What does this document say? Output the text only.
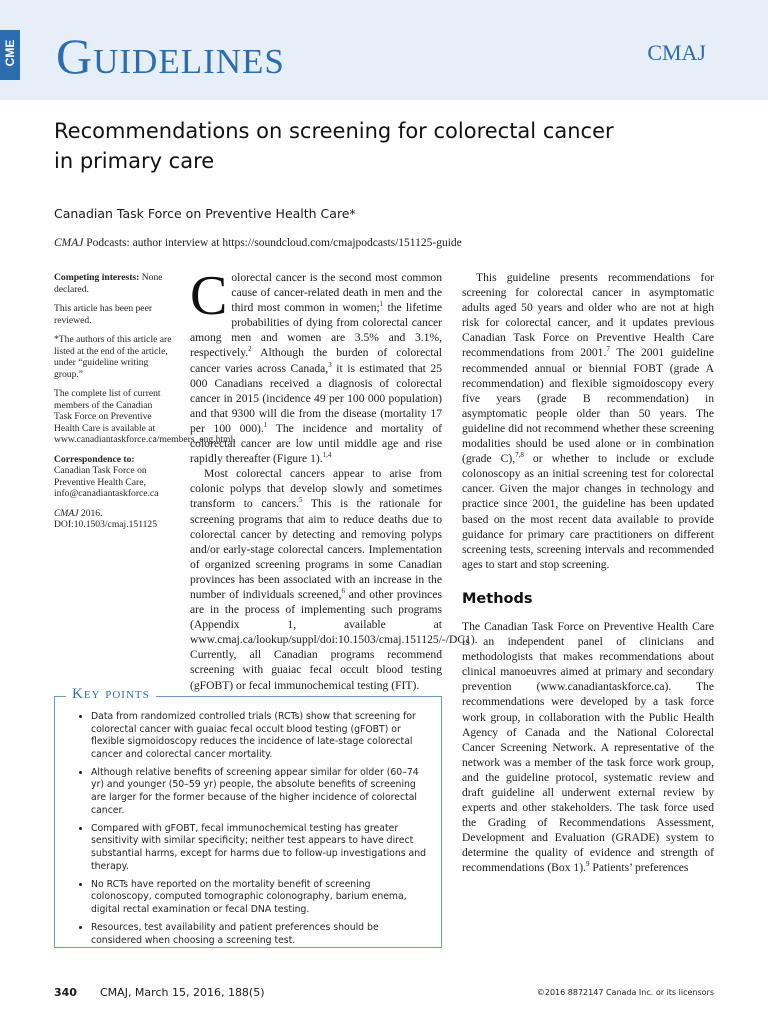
CME Guidelines	CMAJ
Recommendations on screening for colorectal cancer
in primary care
Canadian Task Force on Preventive Health Care*
CMAJ Podcasts: author interview at https://soundcloud.com/cmajpodcasts/151125-guide

Competing interests: None declared.

This article has been peer reviewed.

*The authors of this article are listed at the end of the article, under “guideline writing group.”

The complete list of current members of the Canadian Task Force on Preventive Health Care is available at www.canadiantaskforce.ca/members_eng.html.

Correspondence to:
Canadian Task Force on
Preventive Health Care,
info@canadiantaskforce.ca

CMAJ 2016. DOI:10.1503/cmaj.151125

Colorectal cancer is the second most common cause of cancer-related death in men and the third most common in women;$^1$ the lifetime probabilities of dying from colorectal cancer among men and women are 3.5% and 3.1%, respectively.$^2$ Although the burden of colorectal cancer varies across Canada,$^3$ it is estimated that 25 000 Canadians received a diagnosis of colorectal cancer in 2015 (incidence 49 per 100 000 population) and that 9300 will die from the disease (mortality 17 per 100 000).$^1$ The incidence and mortality of colorectal cancer are low until middle age and rise rapidly thereafter (Figure 1).$^{1,4}$

Most colorectal cancers appear to arise from colonic polyps that develop slowly and sometimes transform to cancers.$^5$ This is the rationale for screening programs that aim to reduce deaths due to colorectal cancer by detecting and removing polyps and/or early-stage colorectal cancers. Implementation of organized screening programs in some Canadian provinces has been associated with an increase in the number of individuals screened,$^6$ and other provinces are in the process of implementing such programs (Appendix 1, available at www.cmaj.ca/lookup/suppl/doi:10.1503/cmaj.151125/-/DC1). Currently, all Canadian programs recommend screening with guaiac fecal occult blood testing (gFOBT) or fecal immunochemical testing (FIT).

This guideline presents recommendations for screening for colorectal cancer in asymptomatic adults aged 50 years and older who are not at high risk for colorectal cancer, and it updates previous Canadian Task Force on Preventive Health Care recommendations from 2001.$^7$ The 2001 guideline recommended annual or biennial FOBT (grade A recommendation) and flexible sigmoidoscopy every five years (grade B recommendation) in asymptomatic people older than 50 years. The guideline did not recommend whether these screening modalities should be used alone or in combination (grade C),$^{7,8}$ or whether to include or exclude colonoscopy as an initial screening test for colorectal cancer. Given the major changes in technology and practice since 2001, the guideline has been updated based on the most recent data available to provide guidance for primary care practitioners on different screening tests, screening intervals and recommended ages to start and stop screening.

Methods

The Canadian Task Force on Preventive Health Care is an independent panel of clinicians and methodologists that makes recommendations about clinical manoeuvres aimed at primary and secondary prevention (www.canadiantaskforce.ca). The recommendations were developed by a task force work group, in collaboration with the Public Health Agency of Canada and the National Colorectal Cancer Screening Network. A representative of the network was a member of the task force work group, and the guideline protocol, systematic review and draft guideline all underwent external review by experts and other stakeholders. The task force used the Grading of Recommendations Assessment, Development and Evaluation (GRADE) system to determine the quality of evidence and strength of recommendations (Box 1).$^9$ Patients’ preferences

• Data from randomized controlled trials (RCTs) show that screening for colorectal cancer with guaiac fecal occult blood testing (gFOBT) or flexible sigmoidoscopy reduces the incidence of late-stage colorectal cancer and colorectal cancer mortality.
• Although relative benefits of screening appear similar for older (60–74 yr) and younger (50–59 yr) people, the absolute benefits of screening are larger for the former because of the higher incidence of colorectal cancer.
• Compared with gFOBT, fecal immunochemical testing has greater sensitivity with similar specificity; neither test appears to have direct substantial harms, except for harms due to follow-up investigations and therapy.
• No RCTs have reported on the mortality benefit of screening colonoscopy, computed tomographic colonography, barium enema, digital rectal examination or fecal DNA testing.
• Resources, test availability and patient preferences should be considered when choosing a screening test.
Key points
340 CMAJ, March 15, 2016, 188(5)	©2016 8872147 Canada Inc. or its licensors
